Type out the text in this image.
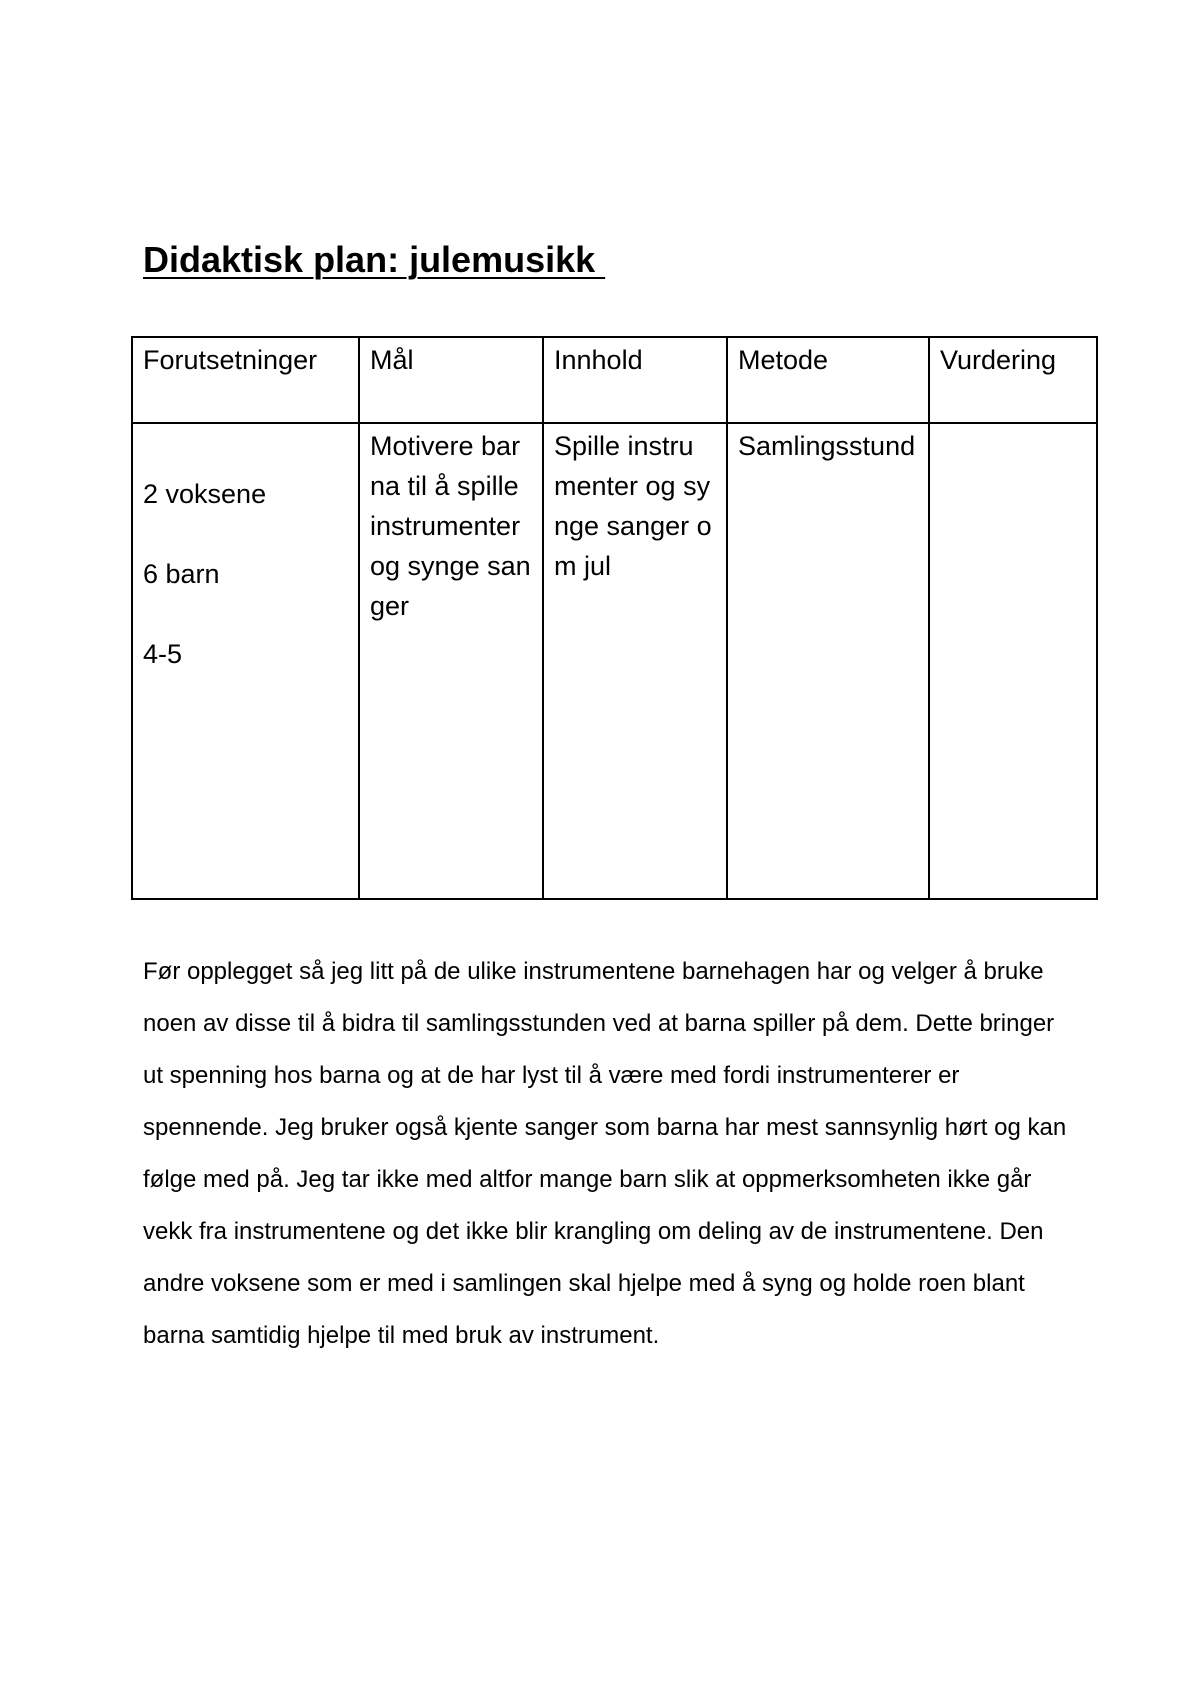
Didaktisk plan: julemusikk
Forutsetninger	Mål	Innhold	Metode	Vurdering

2 voksene
6 barn
4-5	Motivere barna til å spille instrumenter og synge sanger	Spille instrumenter og synge sanger om jul	Samlingsstund	

Før opplegget så jeg litt på de ulike instrumentene barnehagen har og velger å bruke noen av disse til å bidra til samlingsstunden ved at barna spiller på dem. Dette bringer ut spenning hos barna og at de har lyst til å være med fordi instrumenterer er spennende. Jeg bruker også kjente sanger som barna har mest sannsynlig hørt og kan følge med på. Jeg tar ikke med altfor mange barn slik at oppmerksomheten ikke går vekk fra instrumentene og det ikke blir krangling om deling av de instrumentene. Den andre voksene som er med i samlingen skal hjelpe med å syng og holde roen blant barna samtidig hjelpe til med bruk av instrument.
